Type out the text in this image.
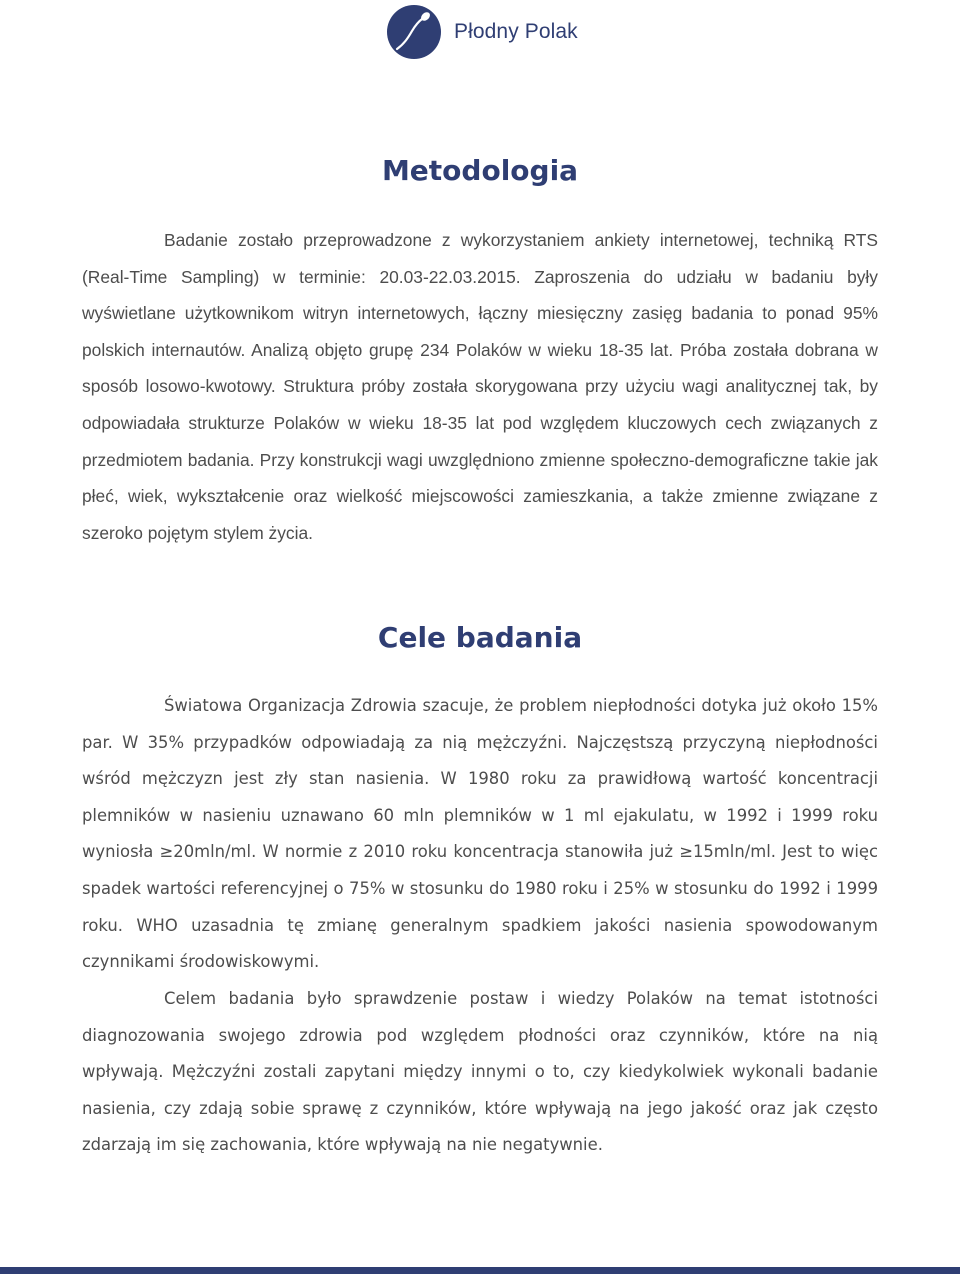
Płodny Polak
Metodologia

Badanie zostało przeprowadzone z wykorzystaniem ankiety internetowej, techniką RTS (Real-Time Sampling) w terminie: 20.03-22.03.2015. Zaproszenia do udziału w badaniu były wyświetlane użytkownikom witryn internetowych, łączny miesięczny zasięg badania to ponad 95% polskich internautów. Analizą objęto grupę 234 Polaków w wieku 18-35 lat. Próba została dobrana w sposób losowo-kwotowy. Struktura próby została skorygowana przy użyciu wagi analitycznej tak, by odpowiadała strukturze Polaków w wieku 18-35 lat pod względem kluczowych cech związanych z przedmiotem badania. Przy konstrukcji wagi uwzględniono zmienne społeczno-demograficzne takie jak płeć, wiek, wykształcenie oraz wielkość miejscowości zamieszkania, a także zmienne związane z szeroko pojętym stylem życia.

Cele badania

Światowa Organizacja Zdrowia szacuje, że problem niepłodności dotyka już około 15% par. W 35% przypadków odpowiadają za nią mężczyźni. Najczęstszą przyczyną niepłodności wśród mężczyzn jest zły stan nasienia. W 1980 roku za prawidłową wartość koncentracji plemników w nasieniu uznawano 60 mln plemników w 1 ml ejakulatu, w 1992 i 1999 roku wyniosła ≥20mln/ml. W normie z 2010 roku koncentracja stanowiła już ≥15mln/ml. Jest to więc spadek wartości referencyjnej o 75% w stosunku do 1980 roku i 25% w stosunku do 1992 i 1999 roku. WHO uzasadnia tę zmianę generalnym spadkiem jakości nasienia spowodowanym czynnikami środowiskowymi.

Celem badania było sprawdzenie postaw i wiedzy Polaków na temat istotności diagnozowania swojego zdrowia pod względem płodności oraz czynników, które na nią wpływają. Mężczyźni zostali zapytani między innymi o to, czy kiedykolwiek wykonali badanie nasienia, czy zdają sobie sprawę z czynników, które wpływają na jego jakość oraz jak często zdarzają im się zachowania, które wpływają na nie negatywnie.
